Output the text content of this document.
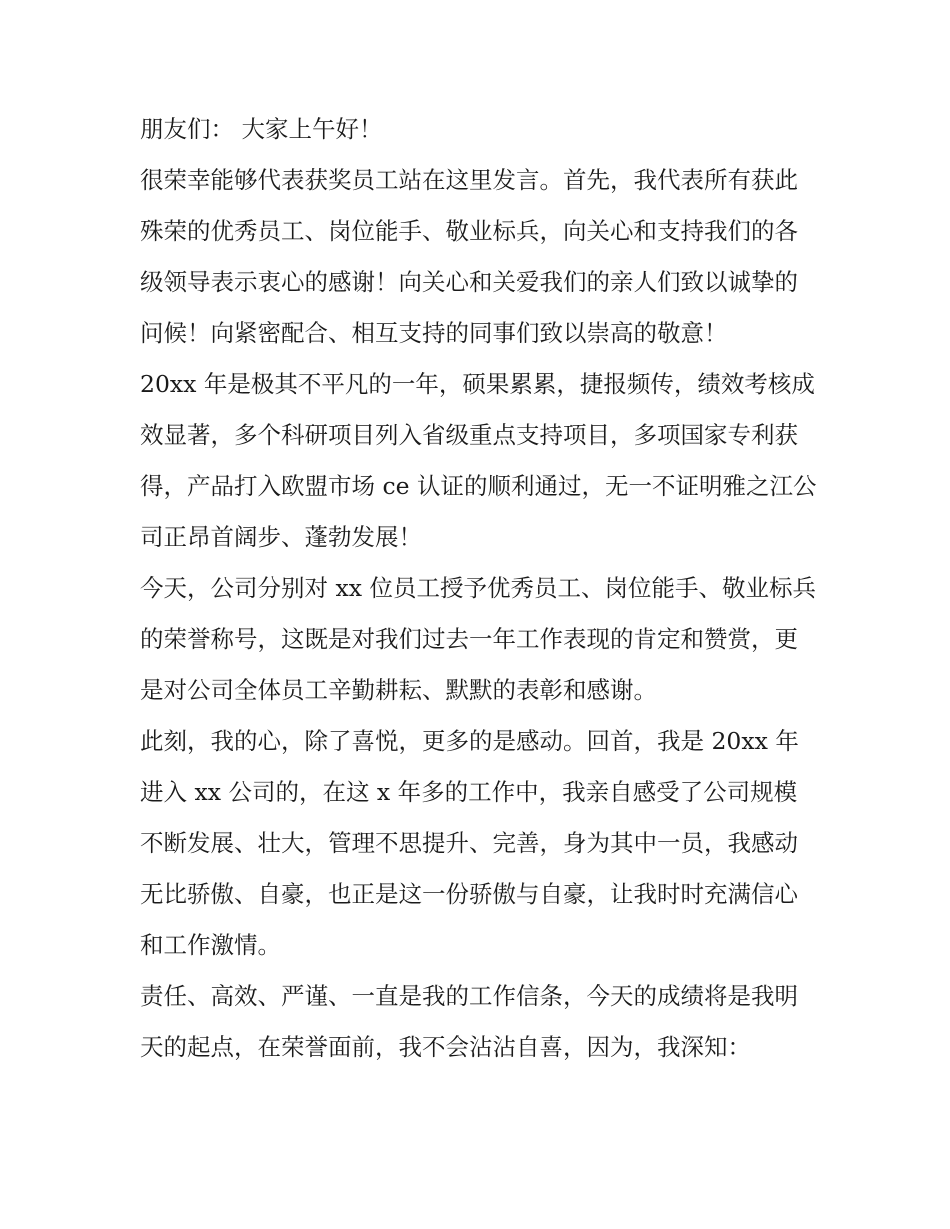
朋友们： 大家上午好！

很荣幸能够代表获奖员工站在这里发言。首先，我代表所有获此殊荣的优秀员工、岗位能手、敬业标兵，向关心和支持我们的各级领导表示衷心的感谢！向关心和关爱我们的亲人们致以诚挚的问候！向紧密配合、相互支持的同事们致以崇高的敬意！

20xx 年是极其不平凡的一年，硕果累累，捷报频传，绩效考核成效显著，多个科研项目列入省级重点支持项目，多项国家专利获得，产品打入欧盟市场 ce 认证的顺利通过，无一不证明雅之江公司正昂首阔步、蓬勃发展！

今天，公司分别对 xx 位员工授予优秀员工、岗位能手、敬业标兵的荣誉称号，这既是对我们过去一年工作表现的肯定和赞赏，更是对公司全体员工辛勤耕耘、默默的表彰和感谢。

此刻，我的心，除了喜悦，更多的是感动。回首，我是 20xx 年进入 xx 公司的，在这 x 年多的工作中，我亲自感受了公司规模不断发展、壮大，管理不思提升、完善，身为其中一员，我感动无比骄傲、自豪，也正是这一份骄傲与自豪，让我时时充满信心和工作激情。

责任、高效、严谨、一直是我的工作信条，今天的成绩将是我明天的起点，在荣誉面前，我不会沾沾自喜，因为，我深知：
